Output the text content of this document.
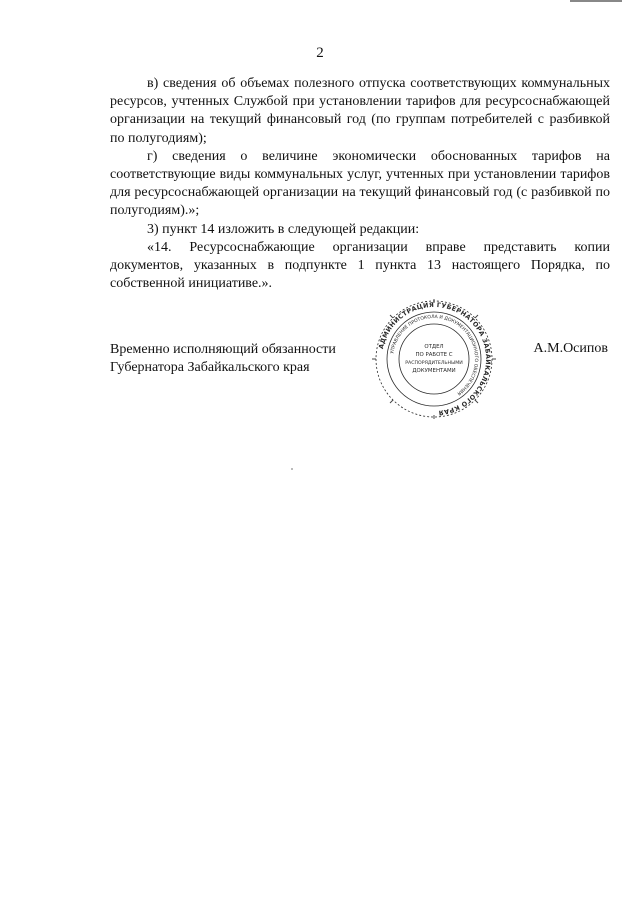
2

в) сведения об объемах полезного отпуска соответствующих коммунальных ресурсов, учтенных Службой при установлении тарифов для ресурсоснабжающей организации на текущий финансовый год (по группам потребителей с разбивкой по полугодиям);

г) сведения о величине экономически обоснованных тарифов на соответствующие виды коммунальных услуг, учтенных при установлении тарифов для ресурсоснабжающей организации на текущий финансовый год (с разбивкой по полугодиям).»;

3) пункт 14 изложить в следующей редакции:

«14. Ресурсоснабжающие организации вправе представить копии документов, указанных в подпункте 1 пункта 13 настоящего Порядка, по собственной инициативе.».

Временно исполняющий обязанности
Губернатора Забайкальского края
А.М.Осипов
АДМИНИСТРАЦИЯ ГУБЕРНАТОРА ЗАБАЙКАЛЬСКОГО КРАЯ
УПРАВЛЕНИЕ ПРОТОКОЛА И ДОКУМЕНТАЦИОННОГО ОБЕСПЕЧЕНИЯ
ОТДЕЛ
ПО РАБОТЕ С
РАСПОРЯДИТЕЛЬНЫМИ
ДОКУМЕНТАМИ
